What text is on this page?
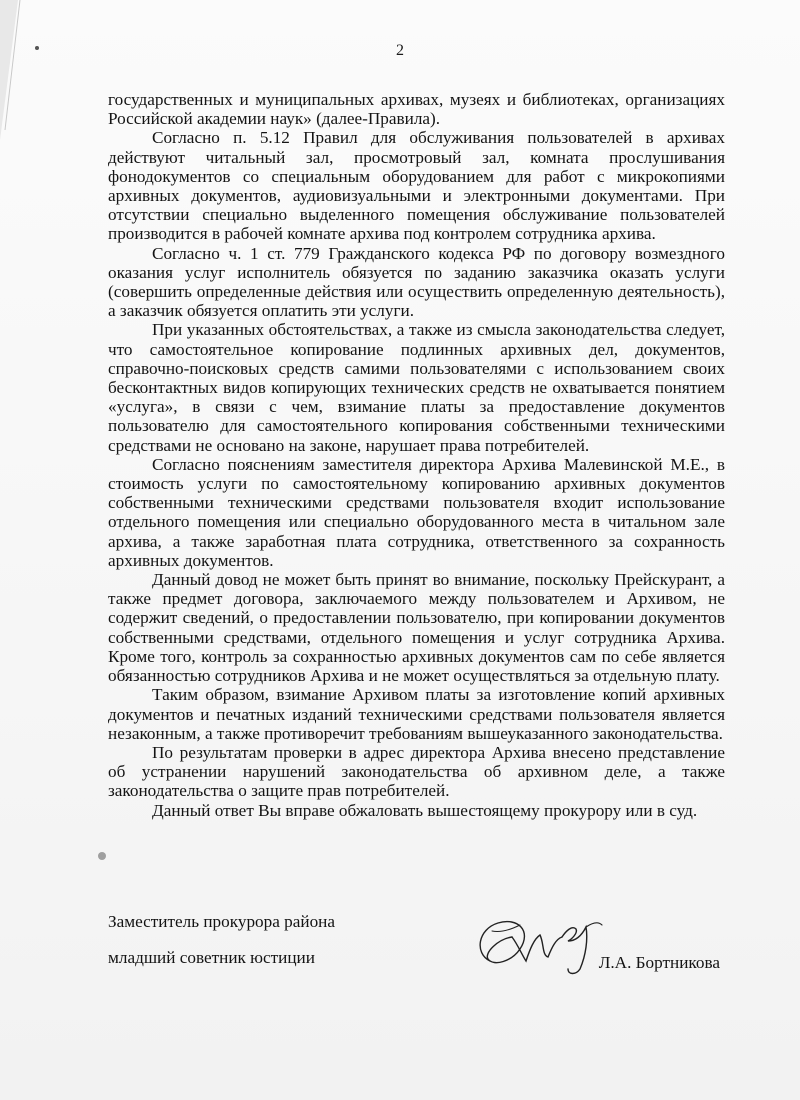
2

государственных и муниципальных архивах, музеях и библиотеках, организациях Российской академии наук» (далее-Правила).

Согласно п. 5.12 Правил для обслуживания пользователей в архивах действуют читальный зал, просмотровый зал, комната прослушивания фонодокументов со специальным оборудованием для работ с микрокопиями архивных документов, аудиовизуальными и электронными документами. При отсутствии специально выделенного помещения обслуживание пользователей производится в рабочей комнате архива под контролем сотрудника архива.

Согласно ч. 1 ст. 779 Гражданского кодекса РФ по договору возмездного оказания услуг исполнитель обязуется по заданию заказчика оказать услуги (совершить определенные действия или осуществить определенную деятельность), а заказчик обязуется оплатить эти услуги.

При указанных обстоятельствах, а также из смысла законодательства следует, что самостоятельное копирование подлинных архивных дел, документов, справочно-поисковых средств самими пользователями с использованием своих бесконтактных видов копирующих технических средств не охватывается понятием «услуга», в связи с чем, взимание платы за предоставление документов пользователю для самостоятельного копирования собственными техническими средствами не основано на законе, нарушает права потребителей.

Согласно пояснениям заместителя директора Архива Малевинской М.Е., в стоимость услуги по самостоятельному копированию архивных документов собственными техническими средствами пользователя входит использование отдельного помещения или специально оборудованного места в читальном зале архива, а также заработная плата сотрудника, ответственного за сохранность архивных документов.

Данный довод не может быть принят во внимание, поскольку Прейскурант, а также предмет договора, заключаемого между пользователем и Архивом, не содержит сведений, о предоставлении пользователю, при копировании документов собственными средствами, отдельного помещения и услуг сотрудника Архива. Кроме того, контроль за сохранностью архивных документов сам по себе является обязанностью сотрудников Архива и не может осуществляться за отдельную плату.

Таким образом, взимание Архивом платы за изготовление копий архивных документов и печатных изданий техническими средствами пользователя является незаконным, а также противоречит требованиям вышеуказанного законодательства.

По результатам проверки в адрес директора Архива внесено представление об устранении нарушений законодательства об архивном деле, а также законодательства о защите прав потребителей.

Данный ответ Вы вправе обжаловать вышестоящему прокурору или в суд.

Заместитель прокурора района
младший советник юстиции	Л.А. Бортникова
